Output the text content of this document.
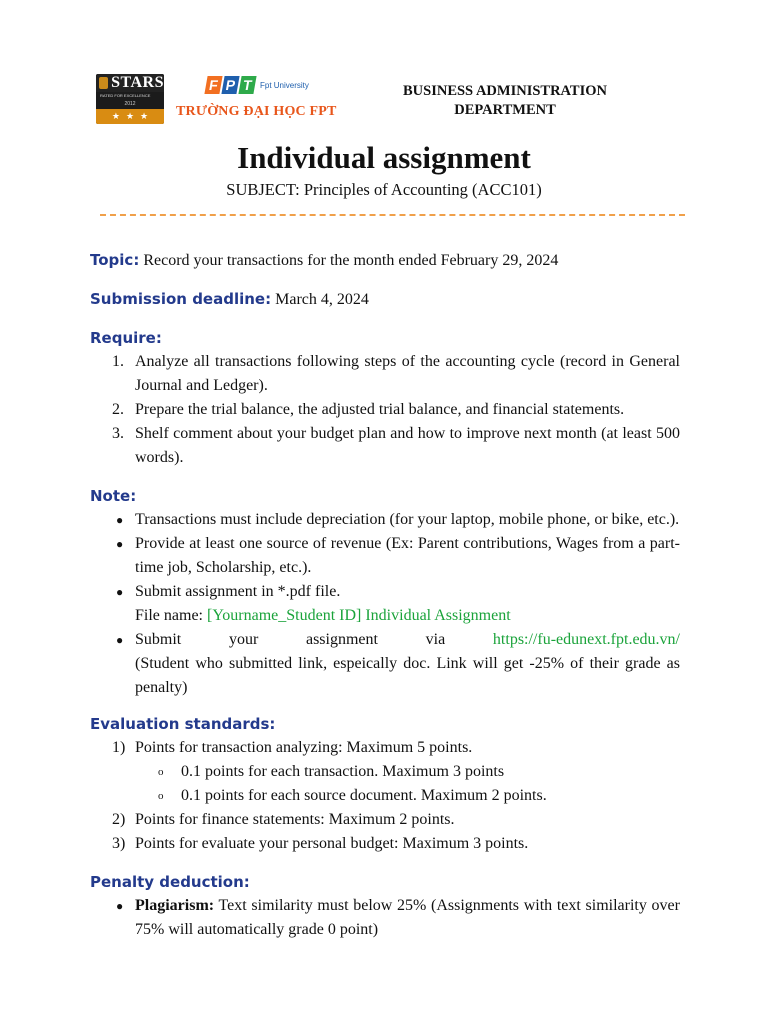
STARS
RATED FOR EXCELLENCE
2012
★ ★ ★
F P T Fpt University
TRƯỜNG ĐẠI HỌC FPT
BUSINESS ADMINISTRATION
DEPARTMENT
Individual assignment
SUBJECT: Principles of Accounting (ACC101)

Topic: Record your transactions for the month ended February 29, 2024

Submission deadline: March 4, 2024

Require:

1. Analyze all transactions following steps of the accounting cycle (record in General Journal and Ledger).
2. Prepare the trial balance, the adjusted trial balance, and financial statements.
3. Shelf comment about your budget plan and how to improve next month (at least 500 words).

Note:

● Transactions must include depreciation (for your laptop, mobile phone, or bike, etc.).
● Provide at least one source of revenue (Ex: Parent contributions, Wages from a part-time job, Scholarship, etc.).
● Submit assignment in *.pdf file.
File name: [Yourname_Student ID] Individual Assignment
● Submit	your	assignment	via	https://fu-edunext.fpt.edu.vn/
(Student who submitted link, espeically doc. Link will get -25% of their grade as penalty)

Evaluation standards:

1) Points for transaction analyzing: Maximum 5 points.
o 0.1 points for each transaction. Maximum 3 points
o 0.1 points for each source document. Maximum 2 points.
2) Points for finance statements: Maximum 2 points.
3) Points for evaluate your personal budget: Maximum 3 points.

Penalty deduction:

● Plagiarism: Text similarity must below 25% (Assignments with text similarity over 75% will automatically grade 0 point)
